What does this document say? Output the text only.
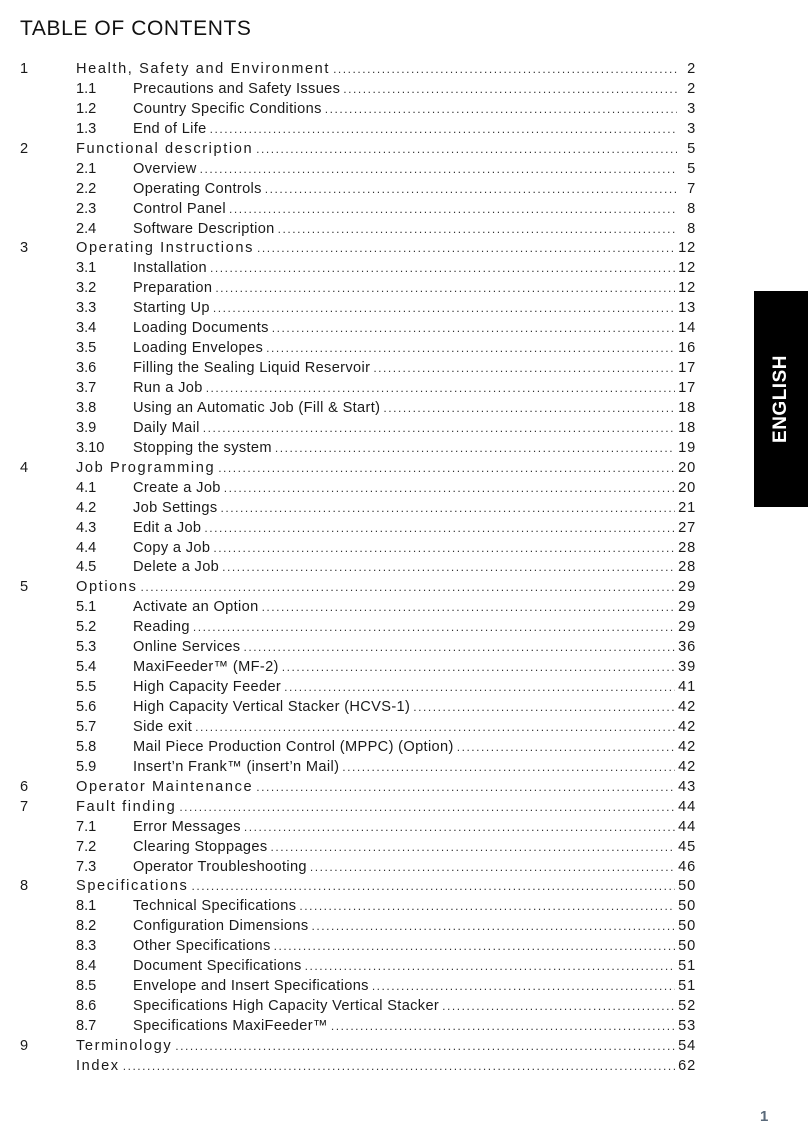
TABLE OF CONTENTS
1	Health, Safety and Environment . . .	2
1.1	Precautions and Safety Issues . . .	2
1.2	Country Specific Conditions . . .	3
1.3	End of Life . . .	3
2	Functional description . . .	5
2.1	Overview . . .	5
2.2	Operating Controls . . .	7
2.3	Control Panel . . .	8
2.4	Software Description . . .	8
3	Operating Instructions . . .	12
3.1	Installation . . .	12
3.2	Preparation . . .	12
3.3	Starting Up . . .	13
3.4	Loading Documents . . .	14
3.5	Loading Envelopes . . .	16
3.6	Filling the Sealing Liquid Reservoir . . .	17
3.7	Run a Job . . .	17
3.8	Using an Automatic Job (Fill & Start) . . .	18
3.9	Daily Mail . . .	18
3.10 Stopping the system . . .	19
4	Job Programming . . .	20
4.1	Create a Job . . .	20
4.2	Job Settings . . .	21
4.3	Edit a Job . . .	27
4.4	Copy a Job . . .	28
4.5	Delete a Job . . .	28
5	Options . . .	29
5.1	Activate an Option . . .	29
5.2	Reading . . .	29
5.3	Online Services . . .	36
5.4	MaxiFeeder™ (MF-2) . . .	39
5.5	High Capacity Feeder . . .	41
5.6	High Capacity Vertical Stacker (HCVS-1) . . .	42
5.7	Side exit . . .	42
5.8	Mail Piece Production Control (MPPC) (Option) . . .	42
5.9	Insert’n Frank™ (insert’n Mail) . . .	42
6	Operator Maintenance . . .	43
7	Fault finding . . .	44
7.1	Error Messages . . .	44
7.2	Clearing Stoppages . . .	45
7.3	Operator Troubleshooting . . .	46
8	Specifications . . .	50
8.1	Technical Specifications . . .	50
8.2	Configuration Dimensions . . .	50
8.3	Other Specifications . . .	50
8.4	Document Specifications . . .	51
8.5	Envelope and Insert Specifications . . .	51
8.6	Specifications High Capacity Vertical Stacker . . .	52
8.7	Specifications MaxiFeeder™ . . .	53
9	Terminology . . .	54
Index . . .	62
ENGLISH
1
